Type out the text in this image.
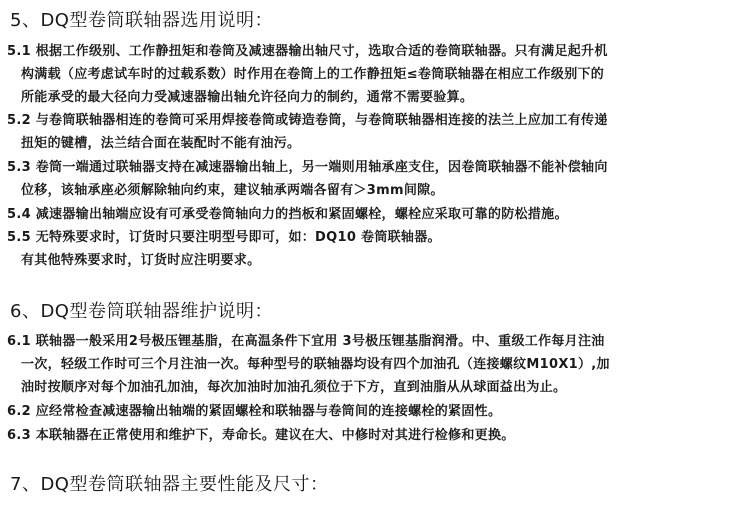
5、DQ型卷筒联轴器选用说明：
5.1 根据工作级别、工作静扭矩和卷筒及减速器输出轴尺寸，选取合适的卷筒联轴器。只有满足起升机
构满载（应考虑试车时的过载系数）时作用在卷筒上的工作静扭矩≤卷筒联轴器在相应工作级别下的
所能承受的最大径向力受减速器输出轴允许径向力的制约，通常不需要验算。
5.2 与卷筒联轴器相连的卷筒可采用焊接卷筒或铸造卷筒，与卷筒联轴器相连接的法兰上应加工有传递
扭矩的键槽，法兰结合面在装配时不能有油污。
5.3 卷筒一端通过联轴器支持在减速器输出轴上，另一端则用轴承座支住，因卷筒联轴器不能补偿轴向
位移，该轴承座必须解除轴向约束，建议轴承两端各留有＞3mm间隙。
5.4 减速器输出轴端应设有可承受卷筒轴向力的挡板和紧固螺栓，螺栓应采取可靠的防松措施。
5.5 无特殊要求时，订货时只要注明型号即可，如：DQ10 卷筒联轴器。
有其他特殊要求时，订货时应注明要求。
6、DQ型卷筒联轴器维护说明：
6.1 联轴器一般采用2号极压锂基脂，在高温条件下宜用 3号极压锂基脂润滑。中、重级工作每月注油
一次，轻级工作时可三个月注油一次。每种型号的联轴器均设有四个加油孔（连接螺纹M10X1）,加
油时按顺序对每个加油孔加油，每次加油时加油孔须位于下方，直到油脂从从球面益出为止。
6.2 应经常检查减速器输出轴端的紧固螺栓和联轴器与卷筒间的连接螺栓的紧固性。
6.3 本联轴器在正常使用和维护下，寿命长。建议在大、中修时对其进行检修和更换。
7、DQ型卷筒联轴器主要性能及尺寸：
